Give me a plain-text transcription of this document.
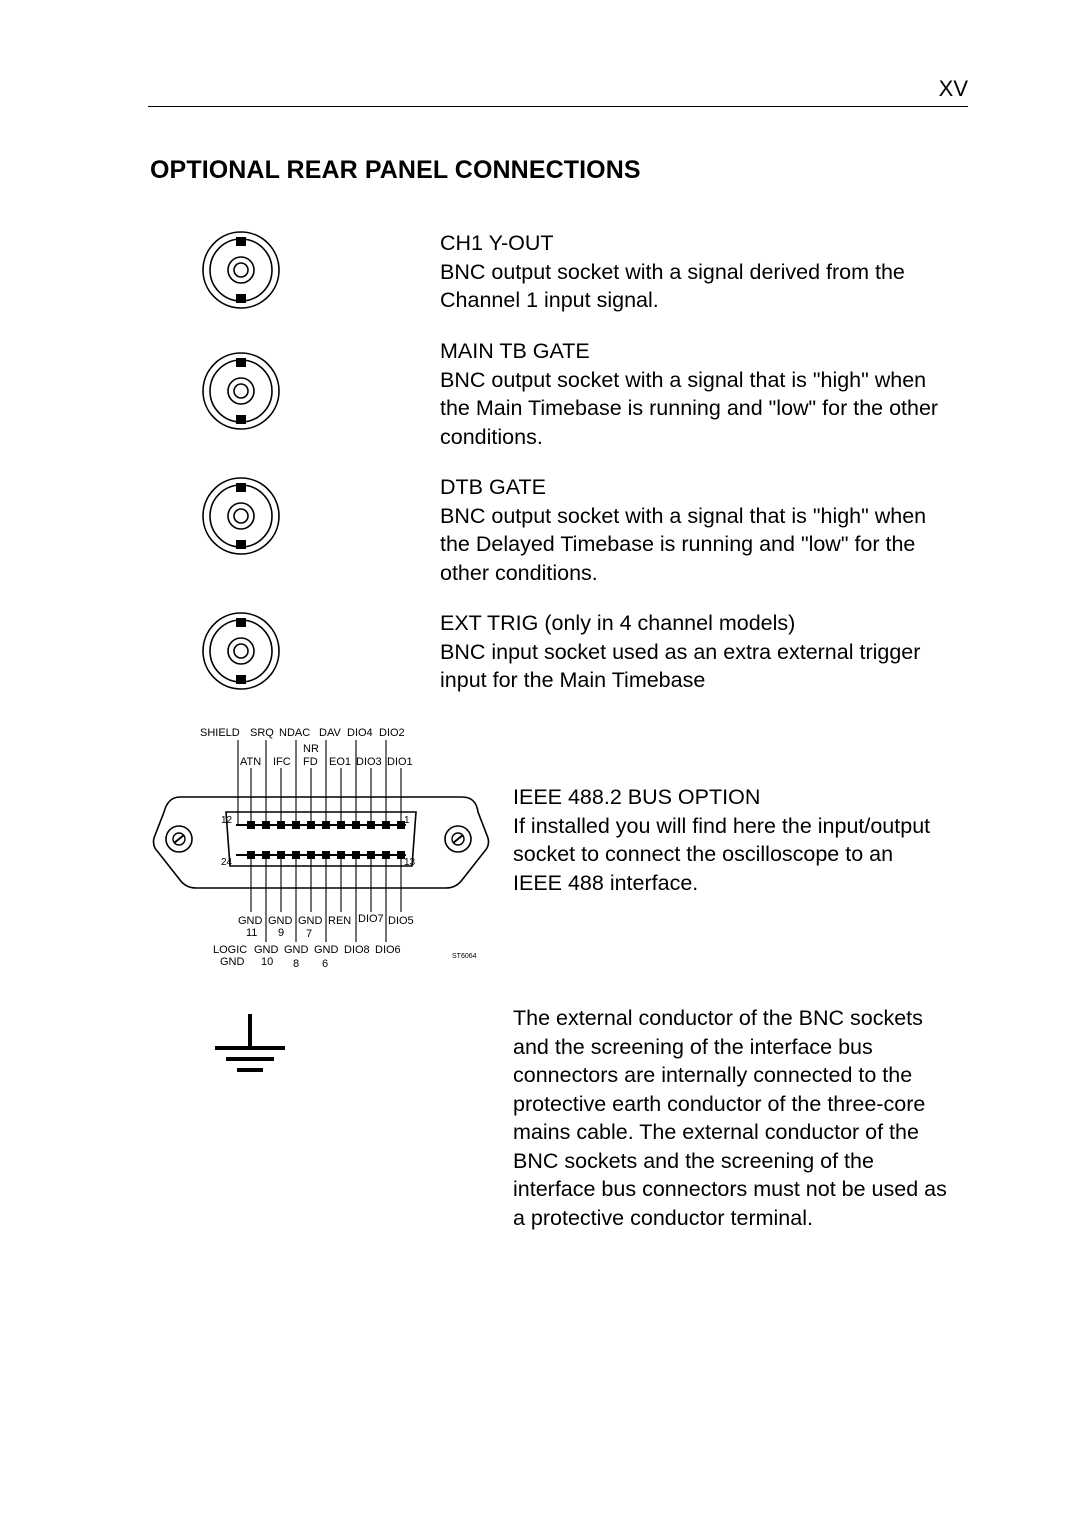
XV
OPTIONAL REAR PANEL CONNECTIONS
12	1
24	13
SHIELD SRQ NDAC DAV DIO4 DIO2
NR
ATN IFC FD EO1 DIO3 DIO1
GND GND GND REN DIO7 DIO5
11 9 7
LOGIC GND GND GND DIO8 DIO6
GND 10 8 6
ST6064
CH1 Y-OUT
BNC output socket with a signal derived from the
Channel 1 input signal.
MAIN TB GATE
BNC output socket with a signal that is "high" when
the Main Timebase is running and "low" for the other
conditions.
DTB GATE
BNC output socket with a signal that is "high" when
the Delayed Timebase is running and "low" for the
other conditions.
EXT TRIG (only in 4 channel models)
BNC input socket used as an extra external trigger
input for the Main Timebase
IEEE 488.2 BUS OPTION
If installed you will find here the input/output
socket to connect the oscilloscope to an
IEEE 488 interface.
The external conductor of the BNC sockets
and the screening of the interface bus
connectors are internally connected to the
protective earth conductor of the three-core
mains cable. The external conductor of the
BNC sockets and the screening of the
interface bus connectors must not be used as
a protective conductor terminal.
